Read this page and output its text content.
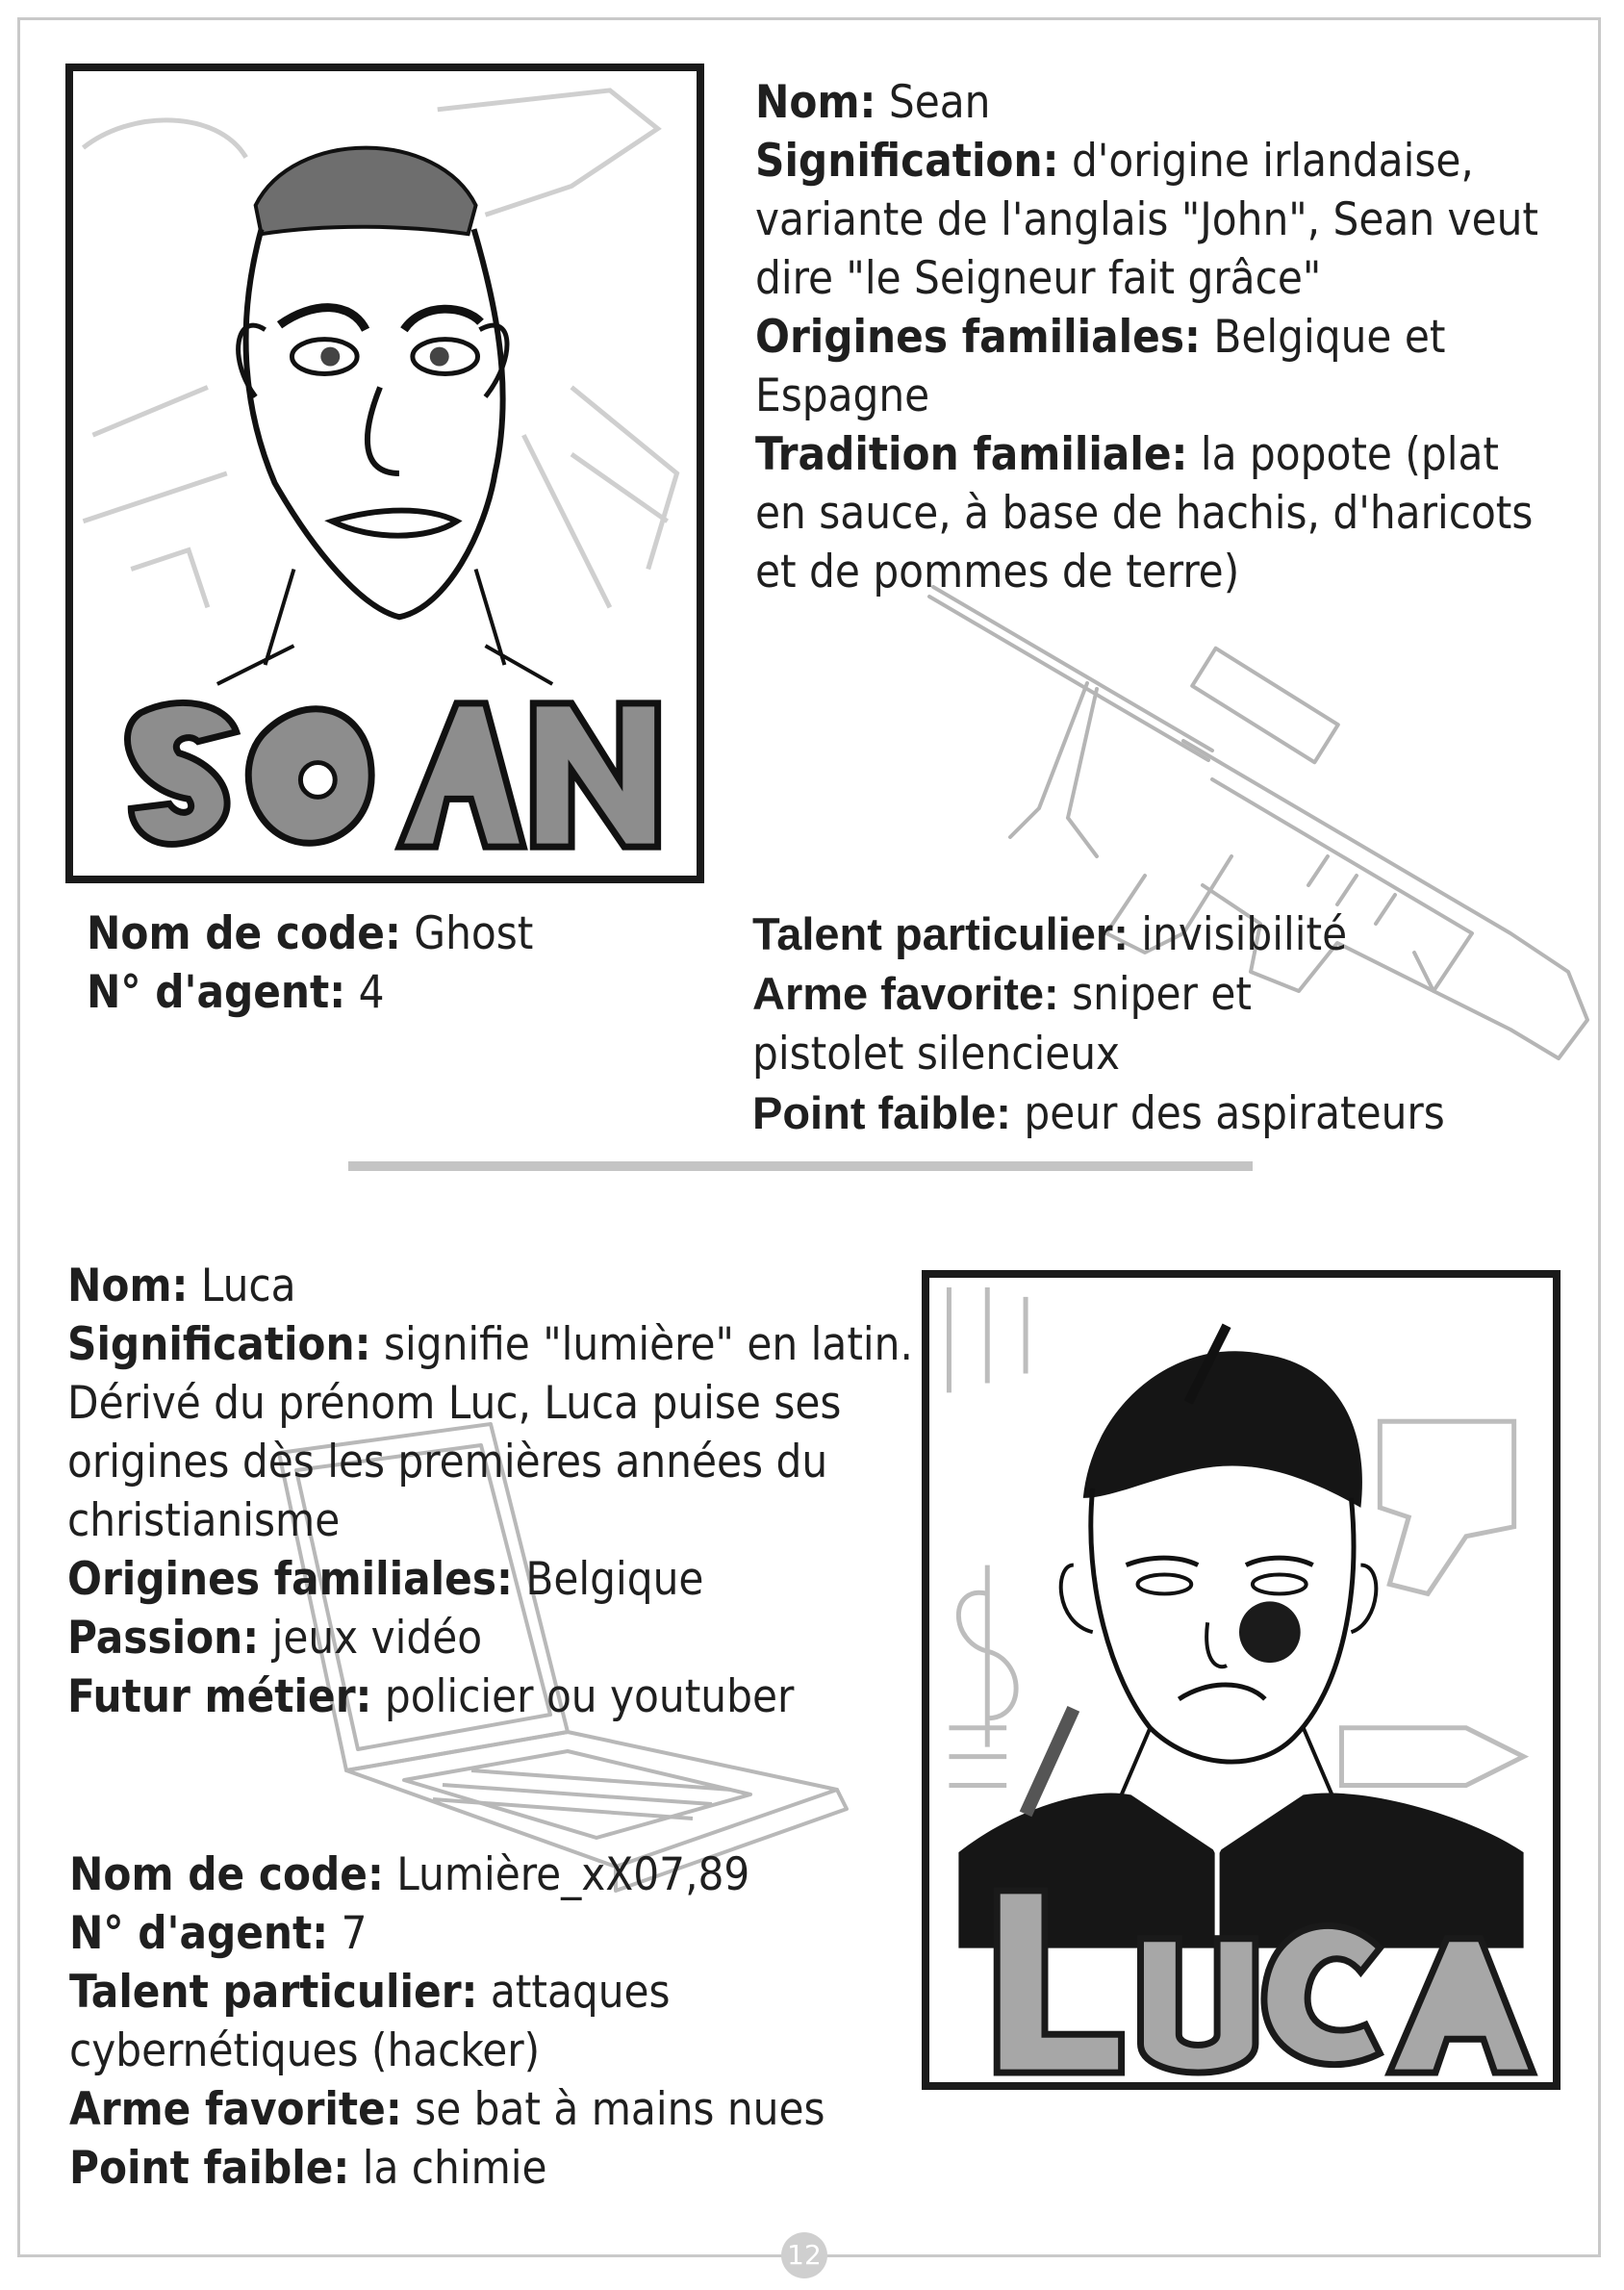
Nom: Sean
Signification: d'origine irlandaise, variante de l'anglais "John", Sean veut dire "le Seigneur fait grâce"
Origines familiales: Belgique et Espagne
Tradition familiale: la popote (plat en sauce, à base de hachis, d'haricots et de pommes de terre)
Nom de code: Ghost
N° d'agent: 4
Talent particulier: invisibilité
Arme favorite: sniper et
pistolet silencieux
Point faible: peur des aspirateurs
Nom: Luca
Signification: signifie "lumière" en latin. Dérivé du prénom Luc, Luca puise ses origines dès les premières années du christianisme
Origines familiales: Belgique
Passion: jeux vidéo
Futur métier: policier ou youtuber
Nom de code: Lumière_xX07,89
N° d'agent: 7
Talent particulier: attaques cybernétiques (hacker)
Arme favorite: se bat à mains nues
Point faible: la chimie
12
